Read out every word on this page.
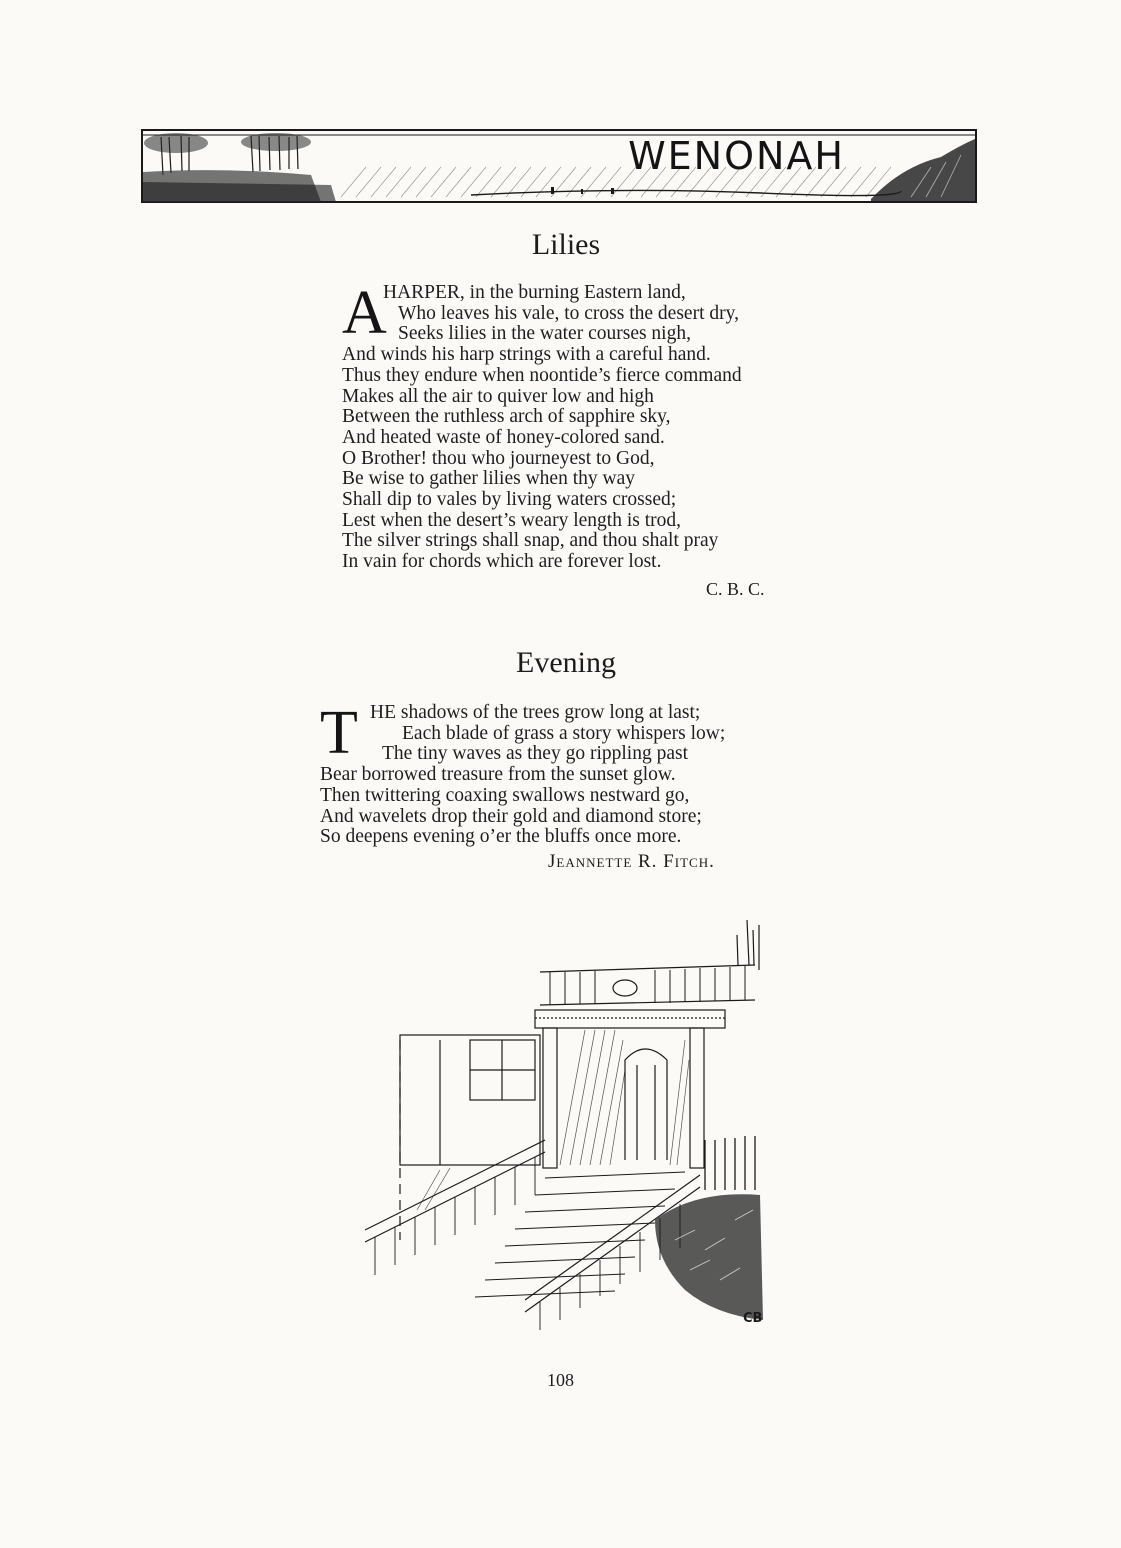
WENONAH
Lilies
A
HARPER, in the burning Eastern land,
Who leaves his vale, to cross the desert dry,
Seeks lilies in the water courses nigh,
And winds his harp strings with a careful hand.
Thus they endure when noontide’s fierce command
Makes all the air to quiver low and high
Between the ruthless arch of sapphire sky,
And heated waste of honey-colored sand.
O Brother! thou who journeyest to God,
Be wise to gather lilies when thy way
Shall dip to vales by living waters crossed;
Lest when the desert’s weary length is trod,
The silver strings shall snap, and thou shalt pray
In vain for chords which are forever lost.
C. B. C.
Evening
T HE shadows of the trees grow long at last;
Each blade of grass a story whispers low;
The tiny waves as they go rippling past
Bear borrowed treasure from the sunset glow.
Then twittering coaxing swallows nestward go,
And wavelets drop their gold and diamond store;
So deepens evening o’er the bluffs once more.
Jeannette R. Fitch.
CB
108
